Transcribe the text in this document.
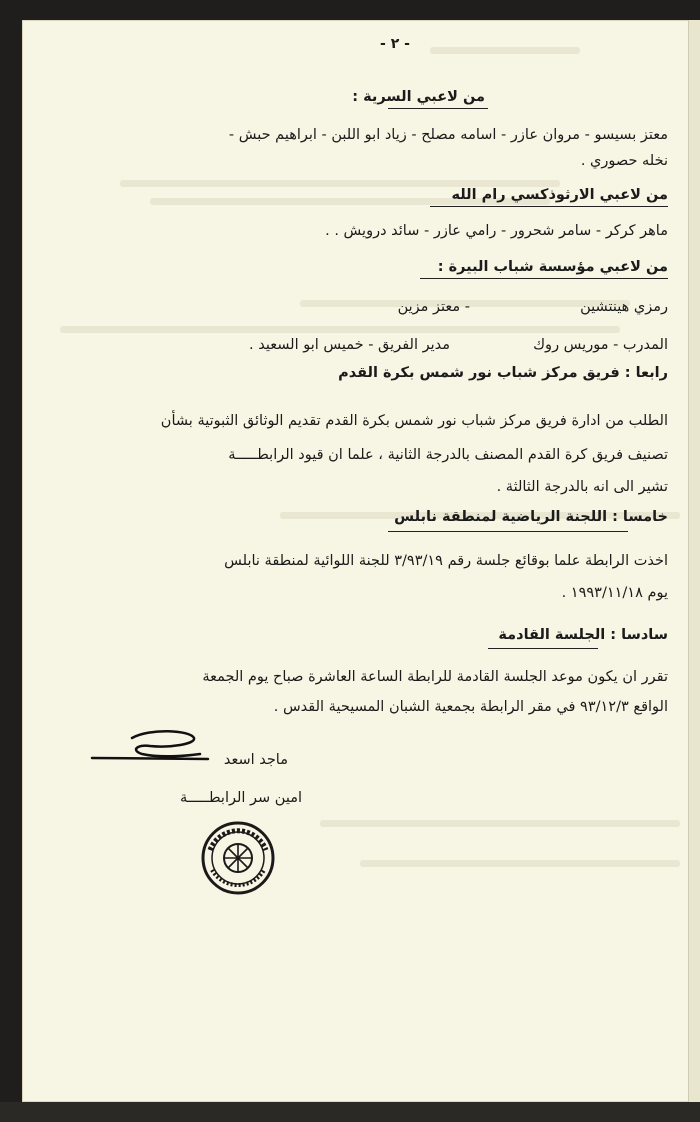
- ٢ -
من لاعبي السرية :
معتز بسيسو - مروان عازر - اسامه مصلح - زياد ابو اللبن - ابراهيم حبش -
نخله حصوري .
من لاعبي الارثوذكسي رام الله
ماهر كركر - سامر شحرور - رامي عازر - سائد درويش . .
من لاعبي مؤسسة شباب البيرة :
رمزي هينتشين
- معتز مزين
المدرب - موريس روك
مدير الفريق - خميس ابو السعيد .
رابعا : فريق مركز شباب نور شمس بكرة القدم
الطلب من ادارة فريق مركز شباب نور شمس بكرة القدم تقديم الوثائق الثبوتية بشأن
تصنيف فريق كرة القدم المصنف بالدرجة الثانية ، علما ان قيود الرابطـــــة
تشير الى انه بالدرجة الثالثة .
خامسا : اللجنة الرياضية لمنطقة نابلس
اخذت الرابطة علما بوقائع جلسة رقم ٣/٩٣/١٩ للجنة اللوائية لمنطقة نابلس
يوم ١٩٩٣/١١/١٨ .
سادسا : الجلسة القادمة
تقرر ان يكون موعد الجلسة القادمة للرابطة الساعة العاشرة صباح يوم الجمعة
الواقع ٩٣/١٢/٣ في مقر الرابطة بجمعية الشبان المسيحية القدس .
ماجد اسعد
امين سر الرابطـــــة
